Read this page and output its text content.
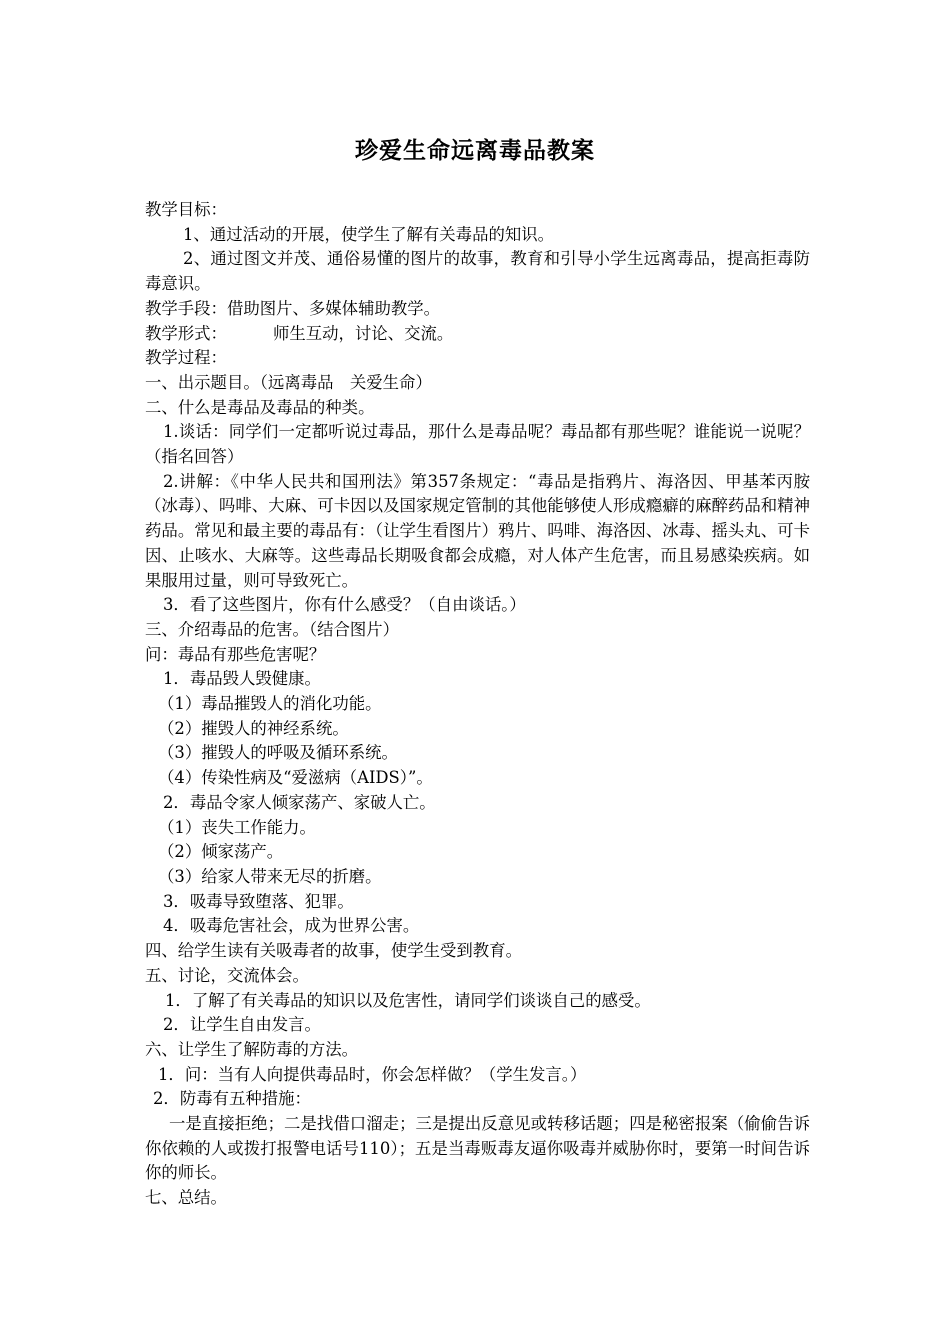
珍爱生命远离毒品教案

教学目标：

1、通过活动的开展，使学生了解有关毒品的知识。

2、通过图文并茂、通俗易懂的图片的故事，教育和引导小学生远离毒品，提高拒毒防毒意识。

教学手段：借助图片、多媒体辅助教学。

教学形式：	师生互动，讨论、交流。

教学过程：

一、出示题目。（远离毒品　关爱生命）

二、什么是毒品及毒品的种类。

1.谈话：同学们一定都听说过毒品，那什么是毒品呢？毒品都有那些呢？谁能说一说呢？（指名回答）

2.讲解：《中华人民共和国刑法》第357条规定：“毒品是指鸦片、海洛因、甲基苯丙胺（冰毒）、吗啡、大麻、可卡因以及国家规定管制的其他能够使人形成瘾癖的麻醉药品和精神药品。常见和最主要的毒品有：（让学生看图片）鸦片、吗啡、海洛因、冰毒、摇头丸、可卡因、止咳水、大麻等。这些毒品长期吸食都会成瘾，对人体产生危害，而且易感染疾病。如果服用过量，则可导致死亡。

3．看了这些图片，你有什么感受？（自由谈话。）

三、介绍毒品的危害。（结合图片）

问：毒品有那些危害呢？

1．毒品毁人毁健康。

（1）毒品摧毁人的消化功能。

（2）摧毁人的神经系统。

（3）摧毁人的呼吸及循环系统。

（4）传染性病及“爱滋病（AIDS）”。

2．毒品令家人倾家荡产、家破人亡。

（1）丧失工作能力。

（2）倾家荡产。

（3）给家人带来无尽的折磨。

3．吸毒导致堕落、犯罪。

4．吸毒危害社会，成为世界公害。

四、给学生读有关吸毒者的故事，使学生受到教育。

五、讨论，交流体会。

1．了解了有关毒品的知识以及危害性，请同学们谈谈自己的感受。

2．让学生自由发言。

六、让学生了解防毒的方法。

1．问：当有人向提供毒品时，你会怎样做？（学生发言。）

2．防毒有五种措施：

一是直接拒绝；二是找借口溜走；三是提出反意见或转移话题；四是秘密报案（偷偷告诉你依赖的人或拨打报警电话号110）；五是当毒贩毒友逼你吸毒并威胁你时，要第一时间告诉你的师长。

七、总结。
